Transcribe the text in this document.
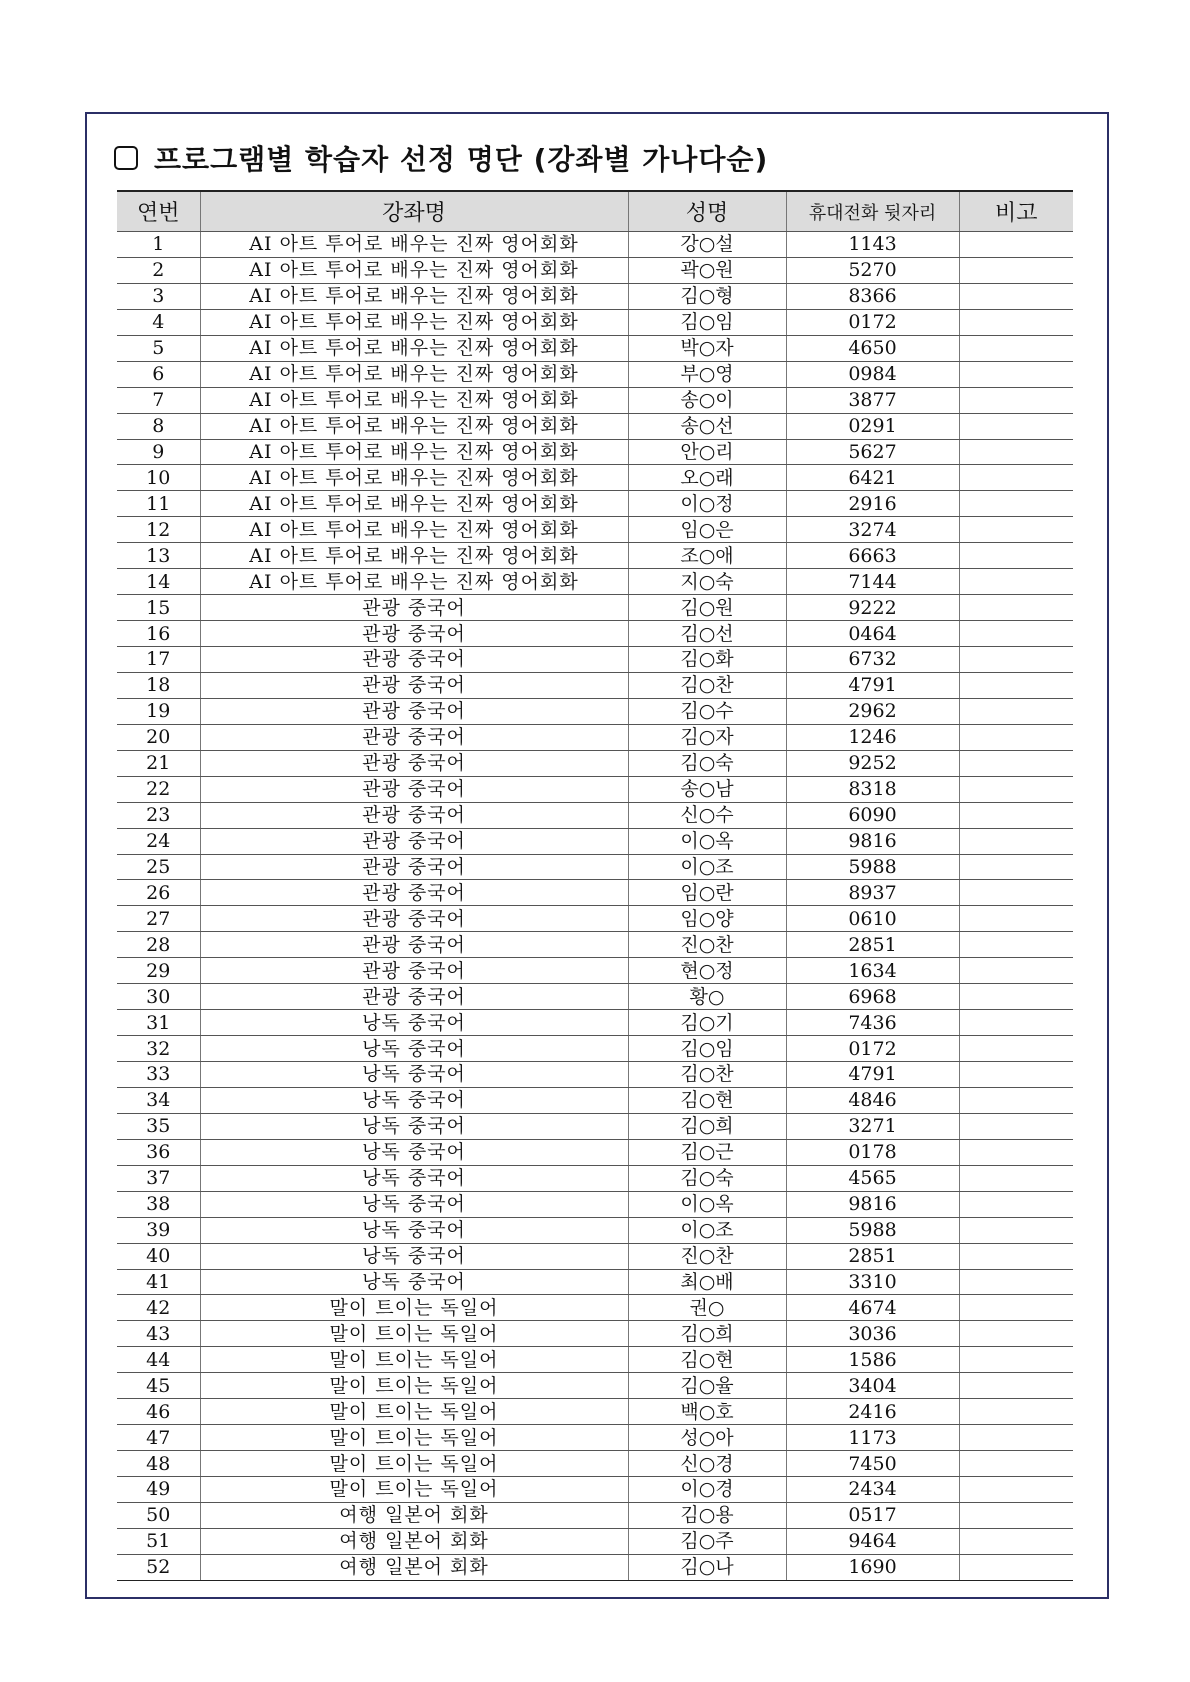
프로그램별 학습자 선정 명단 (강좌별 가나다순)
연번	강좌명	성명	휴대전화 뒷자리	비고
1	AI 아트 투어로 배우는 진짜 영어회화	강○설	1143	
2	AI 아트 투어로 배우는 진짜 영어회화	곽○원	5270	
3	AI 아트 투어로 배우는 진짜 영어회화	김○형	8366	
4	AI 아트 투어로 배우는 진짜 영어회화	김○임	0172	
5	AI 아트 투어로 배우는 진짜 영어회화	박○자	4650	
6	AI 아트 투어로 배우는 진짜 영어회화	부○영	0984	
7	AI 아트 투어로 배우는 진짜 영어회화	송○이	3877	
8	AI 아트 투어로 배우는 진짜 영어회화	송○선	0291	
9	AI 아트 투어로 배우는 진짜 영어회화	안○리	5627	
10	AI 아트 투어로 배우는 진짜 영어회화	오○래	6421	
11	AI 아트 투어로 배우는 진짜 영어회화	이○정	2916	
12	AI 아트 투어로 배우는 진짜 영어회화	임○은	3274	
13	AI 아트 투어로 배우는 진짜 영어회화	조○애	6663	
14	AI 아트 투어로 배우는 진짜 영어회화	지○숙	7144	
15	관광 중국어	김○원	9222	
16	관광 중국어	김○선	0464	
17	관광 중국어	김○화	6732	
18	관광 중국어	김○찬	4791	
19	관광 중국어	김○수	2962	
20	관광 중국어	김○자	1246	
21	관광 중국어	김○숙	9252	
22	관광 중국어	송○남	8318	
23	관광 중국어	신○수	6090	
24	관광 중국어	이○옥	9816	
25	관광 중국어	이○조	5988	
26	관광 중국어	임○란	8937	
27	관광 중국어	임○양	0610	
28	관광 중국어	진○찬	2851	
29	관광 중국어	현○정	1634	
30	관광 중국어	황○	6968	
31	낭독 중국어	김○기	7436	
32	낭독 중국어	김○임	0172	
33	낭독 중국어	김○찬	4791	
34	낭독 중국어	김○현	4846	
35	낭독 중국어	김○희	3271	
36	낭독 중국어	김○근	0178	
37	낭독 중국어	김○숙	4565	
38	낭독 중국어	이○옥	9816	
39	낭독 중국어	이○조	5988	
40	낭독 중국어	진○찬	2851	
41	낭독 중국어	최○배	3310	
42	말이 트이는 독일어	권○	4674	
43	말이 트이는 독일어	김○희	3036	
44	말이 트이는 독일어	김○현	1586	
45	말이 트이는 독일어	김○율	3404	
46	말이 트이는 독일어	백○호	2416	
47	말이 트이는 독일어	성○아	1173	
48	말이 트이는 독일어	신○경	7450	
49	말이 트이는 독일어	이○경	2434	
50	여행 일본어 회화	김○용	0517	
51	여행 일본어 회화	김○주	9464	
52	여행 일본어 회화	김○나	1690	
